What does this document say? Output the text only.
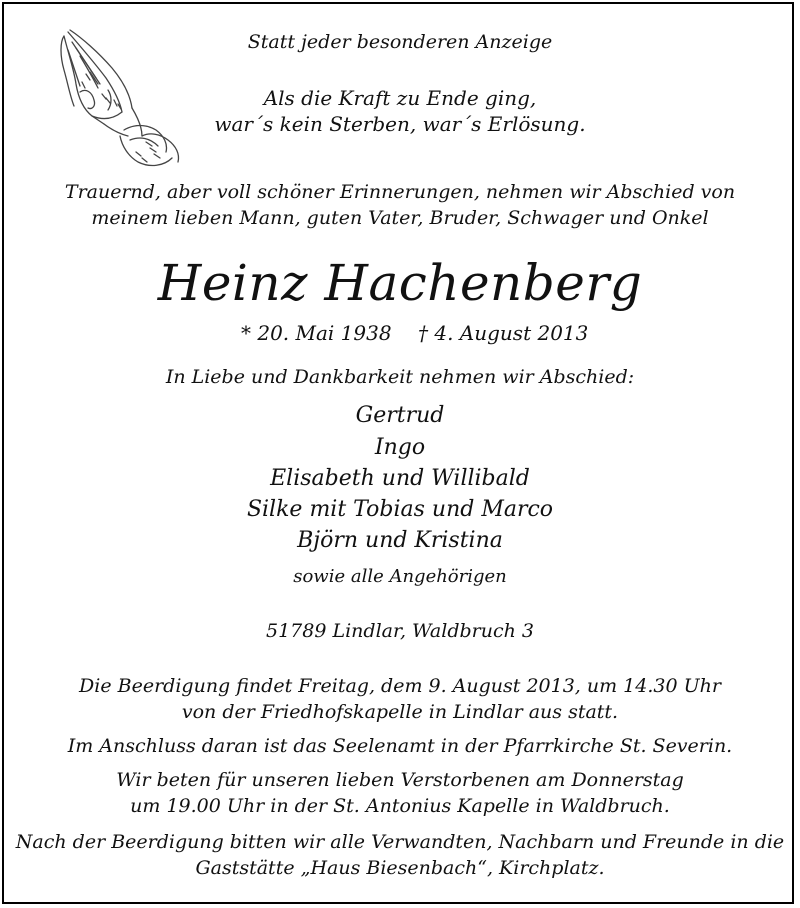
Statt jeder besonderen Anzeige
Als die Kraft zu Ende ging,
war´s kein Sterben, war´s Erlösung.
Trauernd, aber voll schöner Erinnerungen, nehmen wir Abschied von
meinem lieben Mann, guten Vater, Bruder, Schwager und Onkel
Heinz Hachenberg
* 20. Mai 1938 † 4. August 2013
In Liebe und Dankbarkeit nehmen wir Abschied:
Gertrud
Ingo
Elisabeth und Willibald
Silke mit Tobias und Marco
Björn und Kristina
sowie alle Angehörigen
51789 Lindlar, Waldbruch 3
Die Beerdigung findet Freitag, dem 9. August 2013, um 14.30 Uhr
von der Friedhofskapelle in Lindlar aus statt.
Im Anschluss daran ist das Seelenamt in der Pfarrkirche St. Severin.
Wir beten für unseren lieben Verstorbenen am Donnerstag
um 19.00 Uhr in der St. Antonius Kapelle in Waldbruch.
Nach der Beerdigung bitten wir alle Verwandten, Nachbarn und Freunde in die
Gaststätte „Haus Biesenbach“, Kirchplatz.
